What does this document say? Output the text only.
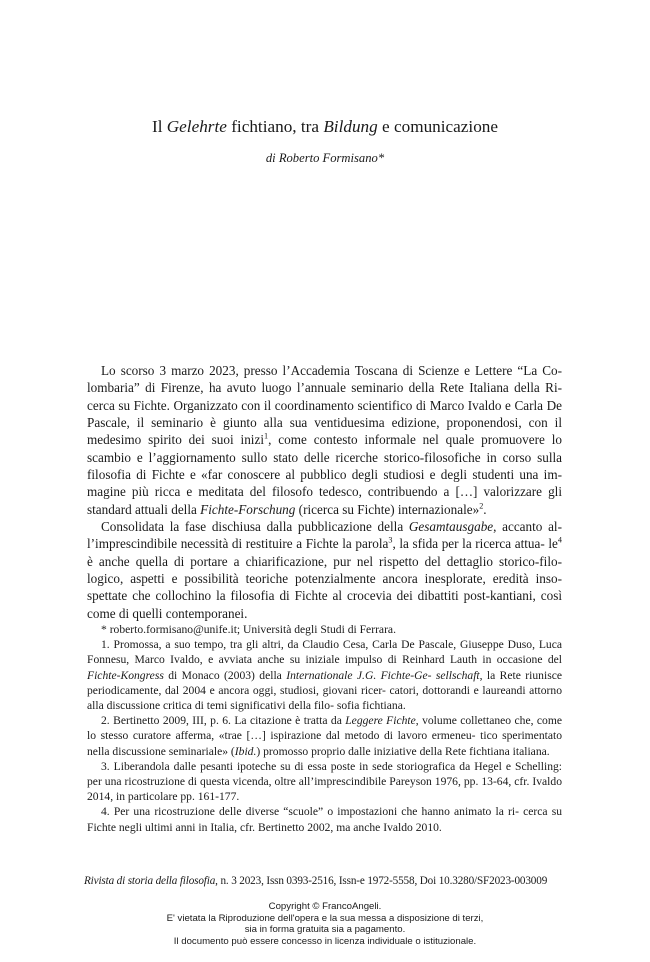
Il Gelehrte fichtiano, tra Bildung e comunicazione
di Roberto Formisano*

Lo scorso 3 marzo 2023, presso l’Accademia Toscana di Scienze e Lettere “La Co- lombaria” di Firenze, ha avuto luogo l’annuale seminario della Rete Italiana della Ri- cerca su Fichte. Organizzato con il coordinamento scientifico di Marco Ivaldo e Carla De Pascale, il seminario è giunto alla sua ventiduesima edizione, proponendosi, con il medesimo spirito dei suoi inizi$^1$, come contesto informale nel quale promuovere lo scambio e l’aggiornamento sullo stato delle ricerche storico-filosofiche in corso sulla filosofia di Fichte e «far conoscere al pubblico degli studiosi e degli studenti una im- magine più ricca e meditata del filosofo tedesco, contribuendo a […] valorizzare gli standard attuali della Fichte-Forschung (ricerca su Fichte) internazionale»$^2$.

Consolidata la fase dischiusa dalla pubblicazione della Gesamtausgabe, accanto al- l’imprescindibile necessità di restituire a Fichte la parola$^3$, la sfida per la ricerca attua- $le^4$ è anche quella di portare a chiarificazione, pur nel rispetto del dettaglio storico-filo- logico, aspetti e possibilità teoriche potenzialmente ancora inesplorate, eredità inso- spettate che collochino la filosofia di Fichte al crocevia dei dibattiti post-kantiani, così come di quelli contemporanei.

* roberto.formisano@unife.it; Università degli Studi di Ferrara.

1. Promossa, a suo tempo, tra gli altri, da Claudio Cesa, Carla De Pascale, Giuseppe Duso, Luca Fonnesu, Marco Ivaldo, e avviata anche su iniziale impulso di Reinhard Lauth in occasione del Fichte-Kongress di Monaco (2003) della Internationale J.G. Fichte-Ge- sellschaft, la Rete riunisce periodicamente, dal 2004 e ancora oggi, studiosi, giovani ricer- catori, dottorandi e laureandi attorno alla discussione critica di temi significativi della filo- sofia fichtiana.

2. Bertinetto 2009, III, p. 6. La citazione è tratta da Leggere Fichte, volume collettaneo che, come lo stesso curatore afferma, «trae […] ispirazione dal metodo di lavoro ermeneu- tico sperimentato nella discussione seminariale» (Ibid.) promosso proprio dalle iniziative della Rete fichtiana italiana.

3. Liberandola dalle pesanti ipoteche su di essa poste in sede storiografica da Hegel e Schelling: per una ricostruzione di questa vicenda, oltre all’imprescindibile Pareyson 1976, pp. 13-64, cfr. Ivaldo 2014, in particolare pp. 161-177.

4. Per una ricostruzione delle diverse “scuole” o impostazioni che hanno animato la ri- cerca su Fichte negli ultimi anni in Italia, cfr. Bertinetto 2002, ma anche Ivaldo 2010.

Rivista di storia della filosofia, n. 3 2023, Issn 0393-2516, Issn-e 1972-5558, Doi 10.3280/SF2023-003009
Copyright © FrancoAngeli.
E' vietata la Riproduzione dell'opera e la sua messa a disposizione di terzi,
sia in forma gratuita sia a pagamento.
Il documento può essere concesso in licenza individuale o istituzionale.
